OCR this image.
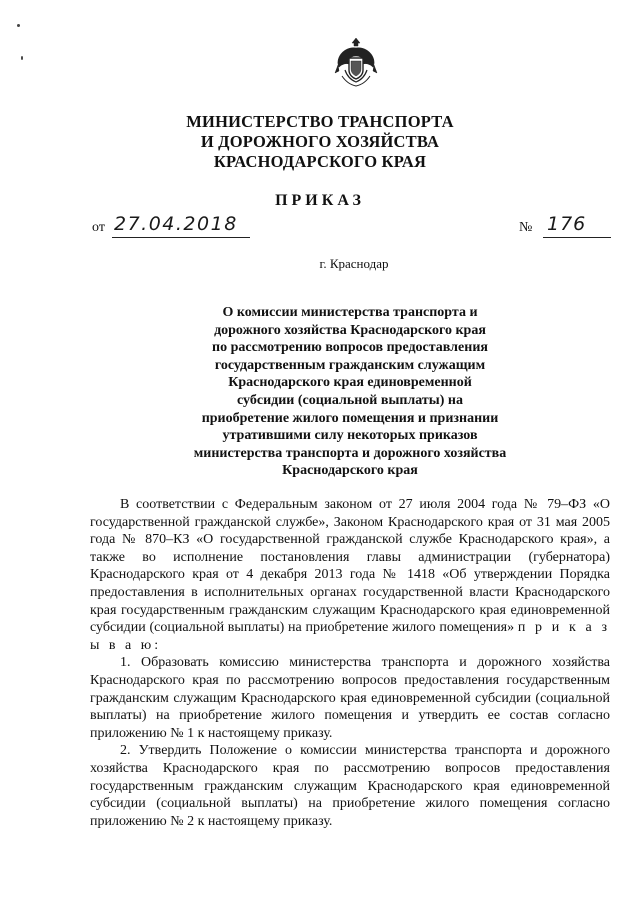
МИНИСТЕРСТВО ТРАНСПОРТА
И ДОРОЖНОГО ХОЗЯЙСТВА
КРАСНОДАРСКОГО КРАЯ
ПРИКАЗ
от 27.04.2018	№ 176
г. Краснодар
О комиссии министерства транспорта и
дорожного хозяйства Краснодарского края
по рассмотрению вопросов предоставления
государственным гражданским служащим
Краснодарского края единовременной
субсидии (социальной выплаты) на
приобретение жилого помещения и признании
утратившими силу некоторых приказов
министерства транспорта и дорожного хозяйства
Краснодарского края

В соответствии с Федеральным законом от 27 июля 2004 года № 79–ФЗ «О государственной гражданской службе», Законом Краснодарского края от 31 мая 2005 года № 870–КЗ «О государственной гражданской службе Краснодарского края», а также во исполнение постановления главы администрации (губернатора) Краснодарского края от 4 декабря 2013 года № 1418 «Об утверждении Порядка предоставления в исполнительных органах государственной власти Краснодарского края государственным гражданским служащим Краснодарского края единовременной субсидии (социальной выплаты) на приобретение жилого помещения» п р и к а з ы в а ю:

1. Образовать комиссию министерства транспорта и дорожного хозяйства Краснодарского края по рассмотрению вопросов предоставления государственным гражданским служащим Краснодарского края единовременной субсидии (социальной выплаты) на приобретение жилого помещения и утвердить ее состав согласно приложению № 1 к настоящему приказу.

2. Утвердить Положение о комиссии министерства транспорта и дорожного хозяйства Краснодарского края по рассмотрению вопросов предоставления государственным гражданским служащим Краснодарского края единовременной субсидии (социальной выплаты) на приобретение жилого помещения согласно приложению № 2 к настоящему приказу.
